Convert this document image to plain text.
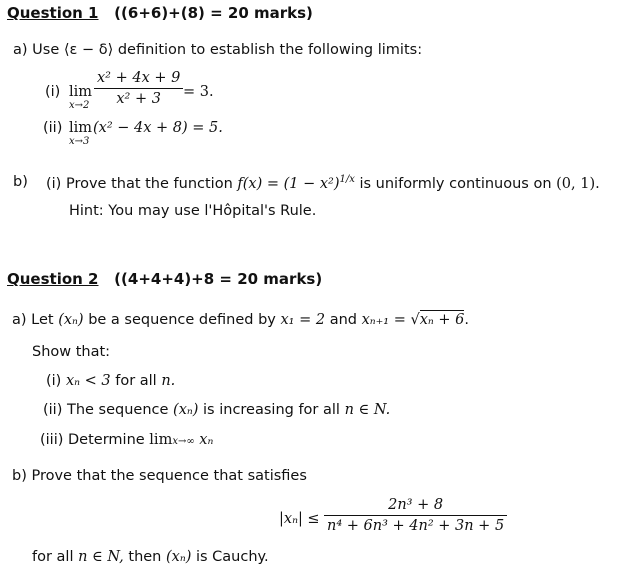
Question 1 ((6+6)+(8) = 20 marks)
a) Use ⟨ε − δ⟩ definition to establish the following limits:
(i) lim
$x\to 2 \frac{\text{x² + 4x + 9}}{\text{x² + 3}} = 3$.
(ii) lim
x→3
(x² − 4x + 8) = 5.
b) (i) Prove that the function $f(x) = (1 - x^2)^{1/x}$ is uniformly continuous on (0, 1).
Hint: You may use l'Hôpital's Rule.
Question 2 ((4+4+4)+8 = 20 marks)
a) Let (xₙ) be a sequence defined by x₁ = 2 and xₙ₊₁ = √xₙ + 6.
Show that:
(i) xₙ < 3 for all n.
(ii) The sequence (xₙ) is increasing for all n ∈ N.
(iii) Determine limx→∞ xₙ
b) Prove that the sequence that satisfies
$|x_n| \le \frac{\text{2n³ + 8}}{\text{n⁴ + 6n³ + 4n² + 3n + 5}}$
for all n ∈ N, then (xₙ) is Cauchy.
